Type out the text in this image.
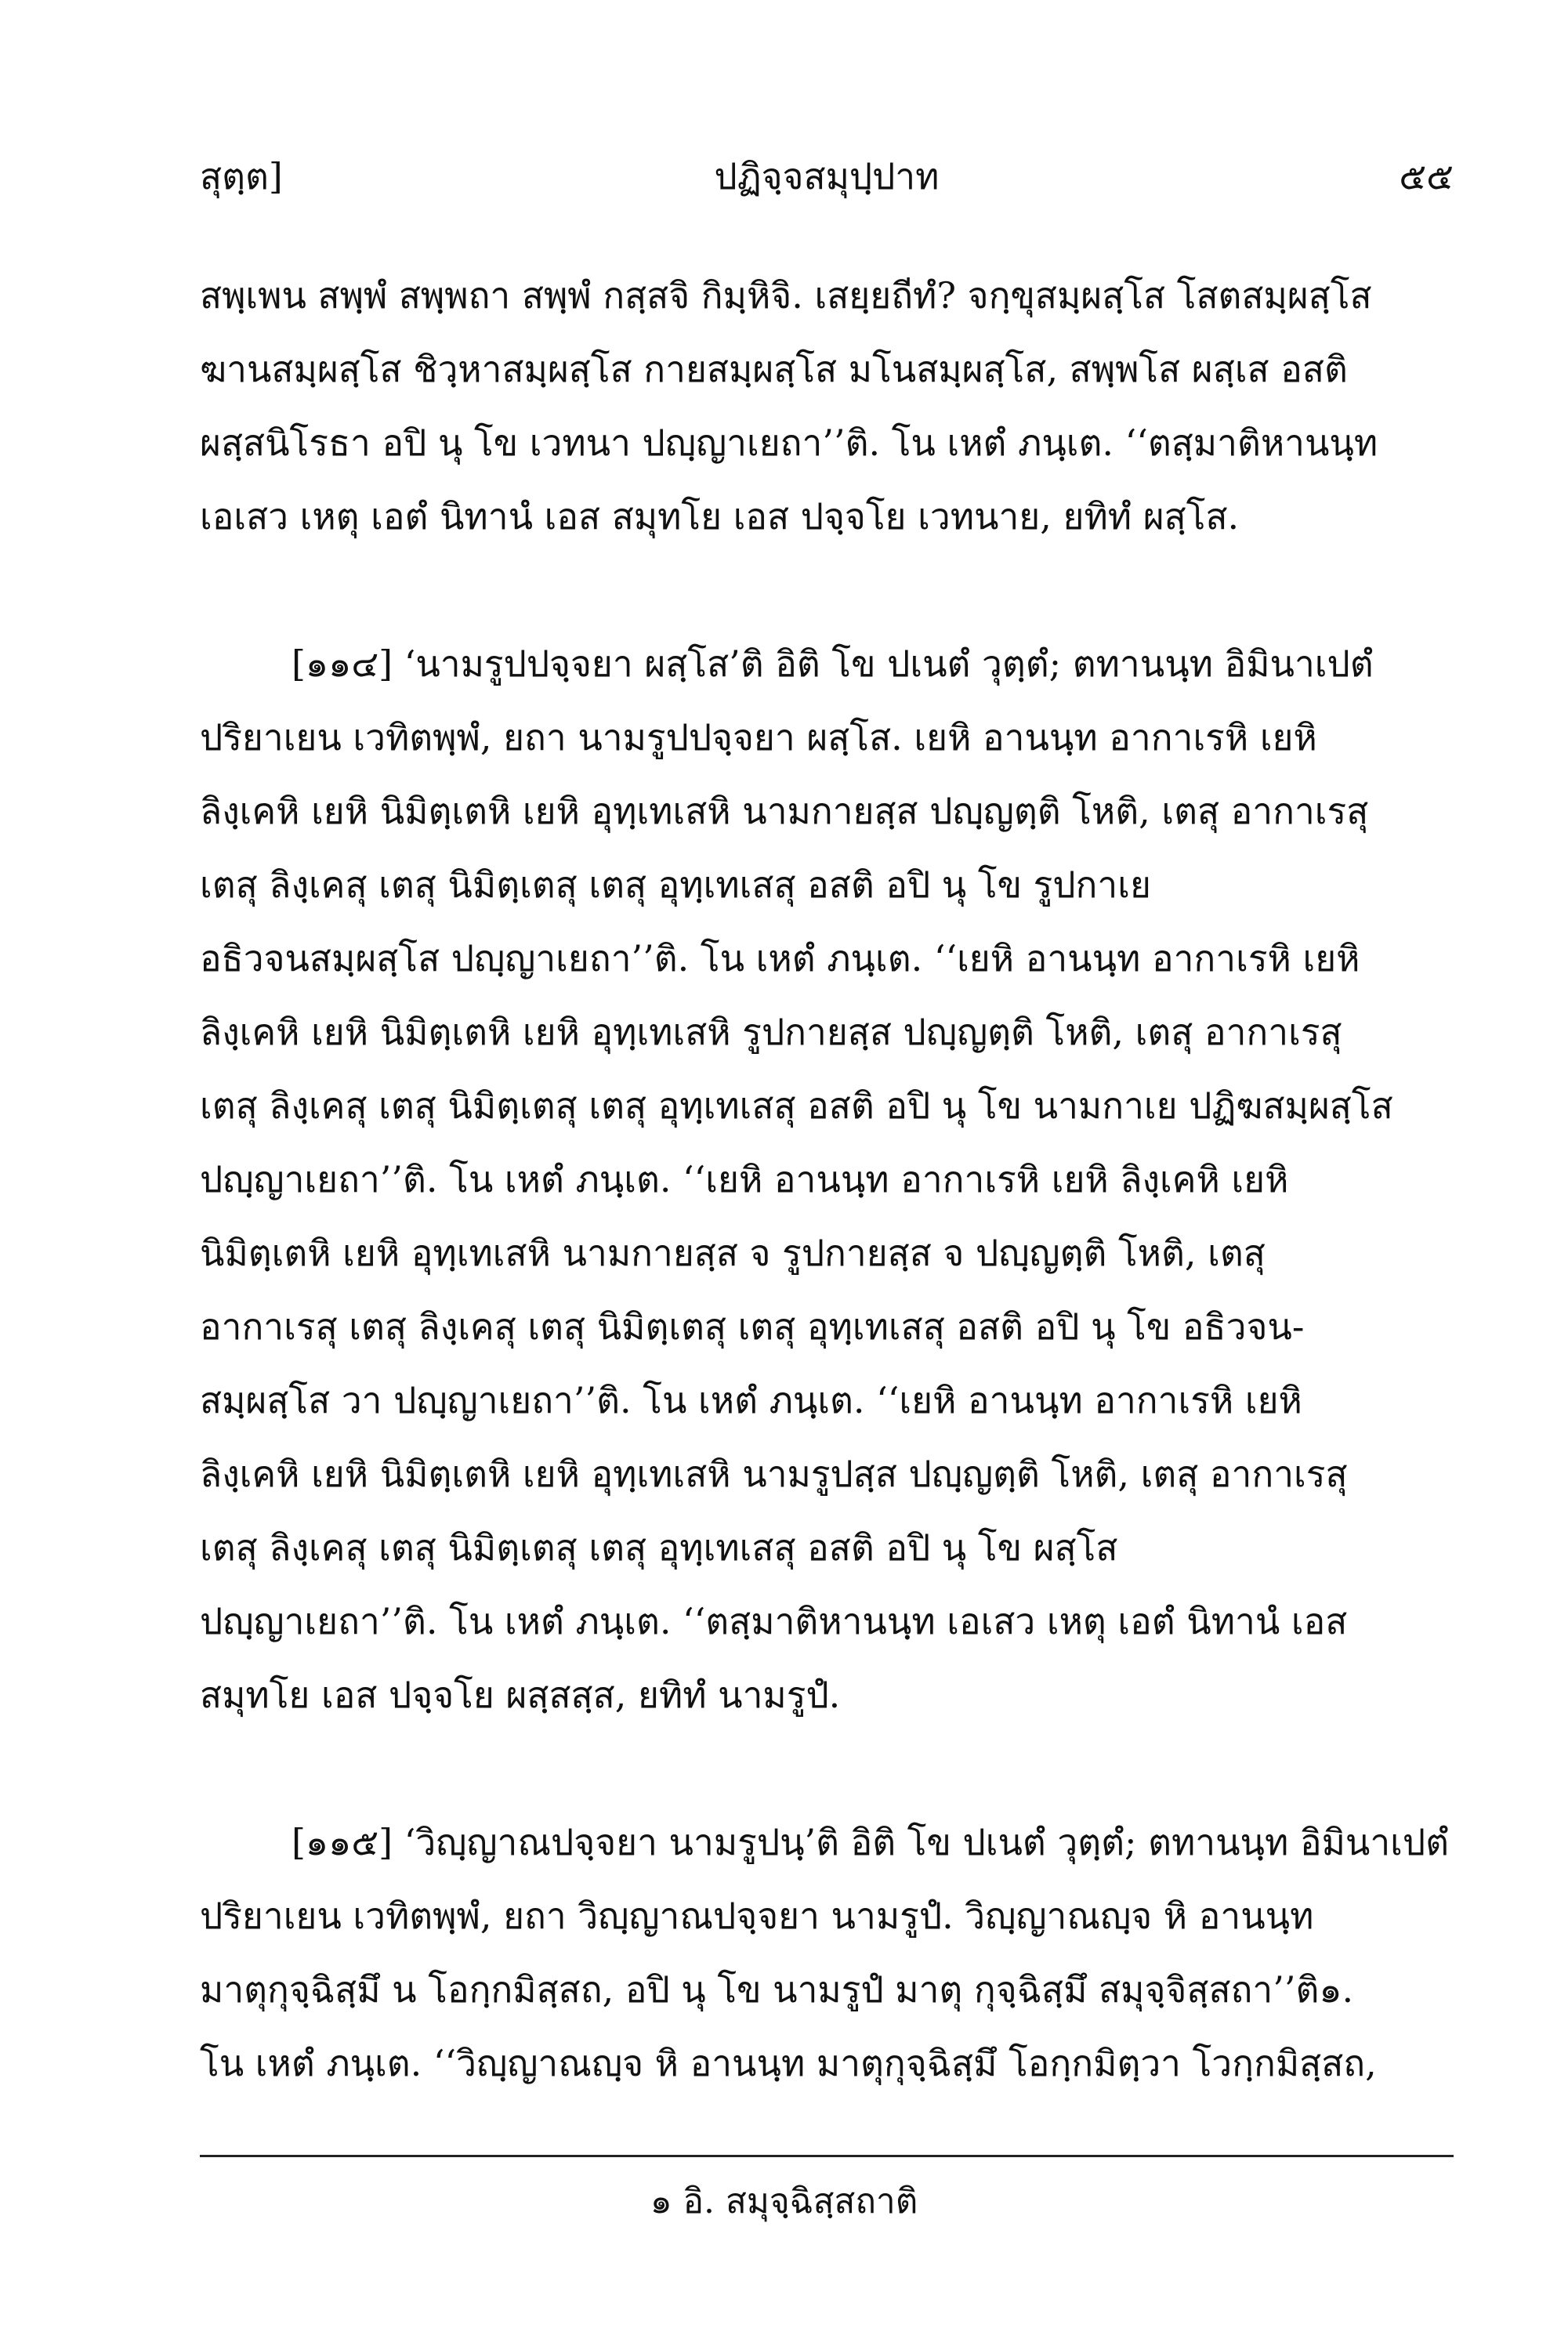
สุตฺต]	ปฏิจฺจสมุปฺปาท	๕๕
สพฺเพน สพฺพํ สพฺพถา สพฺพํ กสฺสจิ กิมฺหิจิ. เสยฺยถีทํ? จกฺขุสมฺผสฺโส โสตสมฺผสฺโส
ฆานสมฺผสฺโส ชิวฺหาสมฺผสฺโส กายสมฺผสฺโส มโนสมฺผสฺโส, สพฺพโส ผสฺเส อสติ
ผสฺสนิโรธา อปิ นุ โข เวทนา ปญฺญาเยถา’’ติ. โน เหตํ ภนฺเต. ‘‘ตสฺมาติหานนฺท
เอเสว เหตุ เอตํ นิทานํ เอส สมุทโย เอส ปจฺจโย เวทนาย, ยทิทํ ผสฺโส.
[๑๑๔] ‘นามรูปปจฺจยา ผสฺโส’ติ อิติ โข ปเนตํ วุตฺตํ; ตทานนฺท อิมินาเปตํ
ปริยาเยน เวทิตพฺพํ, ยถา นามรูปปจฺจยา ผสฺโส. เยหิ อานนฺท อากาเรหิ เยหิ
ลิงฺเคหิ เยหิ นิมิตฺเตหิ เยหิ อุทฺเทเสหิ นามกายสฺส ปญฺญตฺติ โหติ, เตสุ อากาเรสุ
เตสุ ลิงฺเคสุ เตสุ นิมิตฺเตสุ เตสุ อุทฺเทเสสุ อสติ อปิ นุ โข รูปกาเย
อธิวจนสมฺผสฺโส ปญฺญาเยถา’’ติ. โน เหตํ ภนฺเต. ‘‘เยหิ อานนฺท อากาเรหิ เยหิ
ลิงฺเคหิ เยหิ นิมิตฺเตหิ เยหิ อุทฺเทเสหิ รูปกายสฺส ปญฺญตฺติ โหติ, เตสุ อากาเรสุ
เตสุ ลิงฺเคสุ เตสุ นิมิตฺเตสุ เตสุ อุทฺเทเสสุ อสติ อปิ นุ โข นามกาเย ปฏิฆสมฺผสฺโส
ปญฺญาเยถา’’ติ. โน เหตํ ภนฺเต. ‘‘เยหิ อานนฺท อากาเรหิ เยหิ ลิงฺเคหิ เยหิ
นิมิตฺเตหิ เยหิ อุทฺเทเสหิ นามกายสฺส จ รูปกายสฺส จ ปญฺญตฺติ โหติ, เตสุ
อากาเรสุ เตสุ ลิงฺเคสุ เตสุ นิมิตฺเตสุ เตสุ อุทฺเทเสสุ อสติ อปิ นุ โข อธิวจน-
สมฺผสฺโส วา ปญฺญาเยถา’’ติ. โน เหตํ ภนฺเต. ‘‘เยหิ อานนฺท อากาเรหิ เยหิ
ลิงฺเคหิ เยหิ นิมิตฺเตหิ เยหิ อุทฺเทเสหิ นามรูปสฺส ปญฺญตฺติ โหติ, เตสุ อากาเรสุ
เตสุ ลิงฺเคสุ เตสุ นิมิตฺเตสุ เตสุ อุทฺเทเสสุ อสติ อปิ นุ โข ผสฺโส
ปญฺญาเยถา’’ติ. โน เหตํ ภนฺเต. ‘‘ตสฺมาติหานนฺท เอเสว เหตุ เอตํ นิทานํ เอส
สมุทโย เอส ปจฺจโย ผสฺสสฺส, ยทิทํ นามรูปํ.
[๑๑๕] ‘วิญฺญาณปจฺจยา นามรูปนฺ’ติ อิติ โข ปเนตํ วุตฺตํ; ตทานนฺท อิมินาเปตํ
ปริยาเยน เวทิตพฺพํ, ยถา วิญฺญาณปจฺจยา นามรูปํ. วิญฺญาณญฺจ หิ อานนฺท
มาตุกุจฺฉิสฺมึ น โอกฺกมิสฺสถ, อปิ นุ โข นามรูปํ มาตุ กุจฺฉิสฺมึ สมุจฺจิสฺสถา’’ติ๑.
โน เหตํ ภนฺเต. ‘‘วิญฺญาณญฺจ หิ อานนฺท มาตุกุจฺฉิสฺมึ โอกฺกมิตฺวา โวกฺกมิสฺสถ,
๑ อิ. สมุจฺฉิสฺสถาติ
